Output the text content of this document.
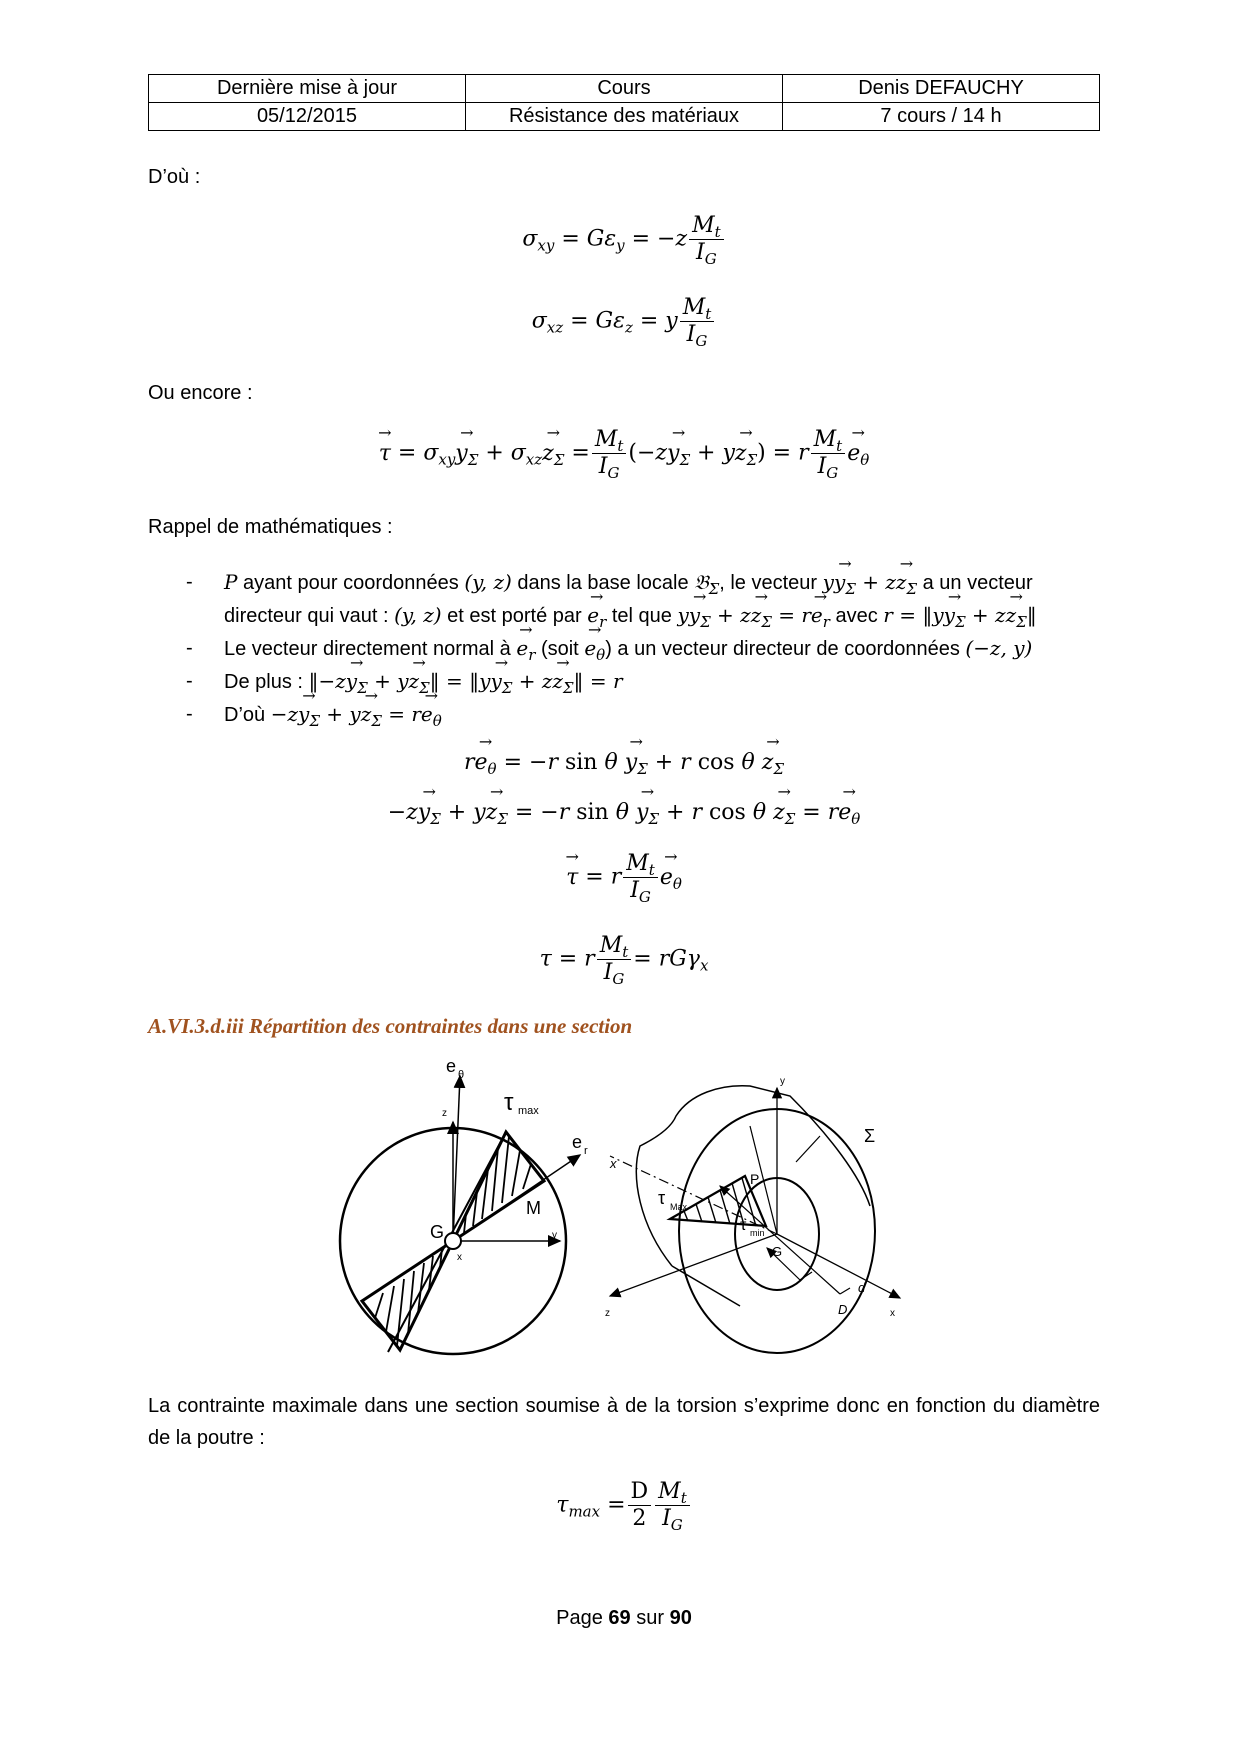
Dernière mise à jour	Cours	Denis DEFAUCHY
05/12/2015	Résistance des matériaux	7 cours / 14 h
D’où :
$\sigma_{xy} = G\varepsilon_y = -z \frac{M_t}{I_G}$
$\sigma_{xz} = G\varepsilon_z = y \frac{M_t}{I_G}$
Ou encore :
→ $\tau = \sigma_{xy}\to y_\Sigma + \sigma_{xz}\to z_\Sigma = \frac{M_t}{I_G} (-z\to y_\Sigma + y\to z_\Sigma) = r \frac{M_t}{I_G} \to e_\theta$
Rappel de mathématiques :
- P ayant pour coordonnées (y, z) dans la base locale 𝔅$_\Sigma$, le vecteur $y\to y_\Sigma + z\to z_\Sigma$ a un vecteur
directeur qui vaut : (y, z) et est porté par → $e_r$ tel que $y\to y_\Sigma + z\to z_\Sigma = r\to e_r$ avec r = ‖y→ $y_\Sigma + z\to$ $z_\Sigma‖$
- Le vecteur directement normal à → $e_r$ (soit → $e_\theta$) a un vecteur directeur de coordonnées (−z, y)
- De plus : ‖−z→ $y_\Sigma + y\to$ $z_\Sigma‖$ = ‖y→ $y_\Sigma + z\to$ $z_\Sigma‖ = r$
- D’où $-z\to y_\Sigma + y\to z_\Sigma = r\to e_\theta$
$r\to e_\theta = -r$ $\sin \theta \to y_\Sigma + r$ $\cos \theta \to z_\Sigma$
$-z\to y_\Sigma + y\to z_\Sigma = -r$ $\sin \theta \to y_\Sigma + r$ $\cos \theta \to z_\Sigma = r\to e_\theta$
→ τ = r $\frac{M_t}{I_G} \to e_\theta$
τ = r $\frac{M_t}{I_G} = rG\gamma_x$
A.VI.3.d.iii Répartition des contraintes dans une section
e θ
τ max
e r
z
y
x
G
M
y
z	x
x
Σ
P
G
τ Max
τ min
d
D
La contrainte maximale dans une section soumise à de la torsion s’exprime donc en fonction du diamètre de la poutre :
$\tau_{max} = \frac{D}{2} \frac{M_t}{I_G}$
Page 69 sur 90
